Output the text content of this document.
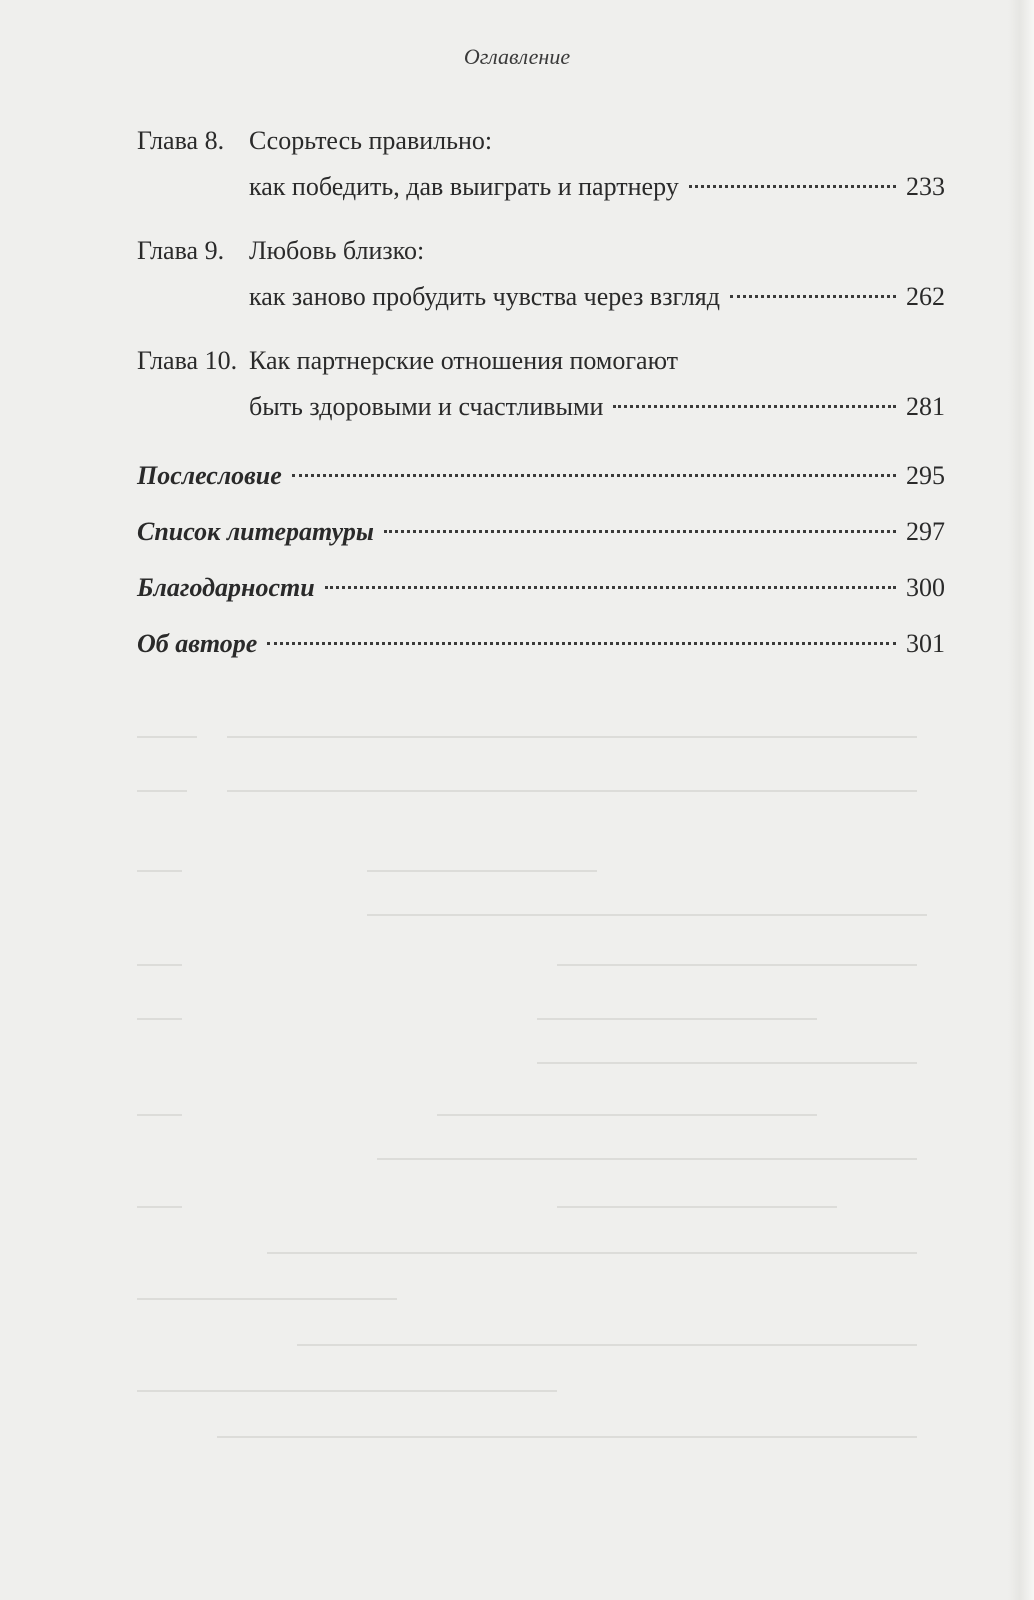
Оглавление
Глава 8. Ссорьтесь правильно:
как победить, дав выиграть и партнеру	233
Глава 9. Любовь близко:
как заново пробудить чувства через взгляд	262
Глава 10. Как партнерские отношения помогают
быть здоровыми и счастливыми	281
Послесловие	295
Список литературы	297
Благодарности	300
Об авторе	301
